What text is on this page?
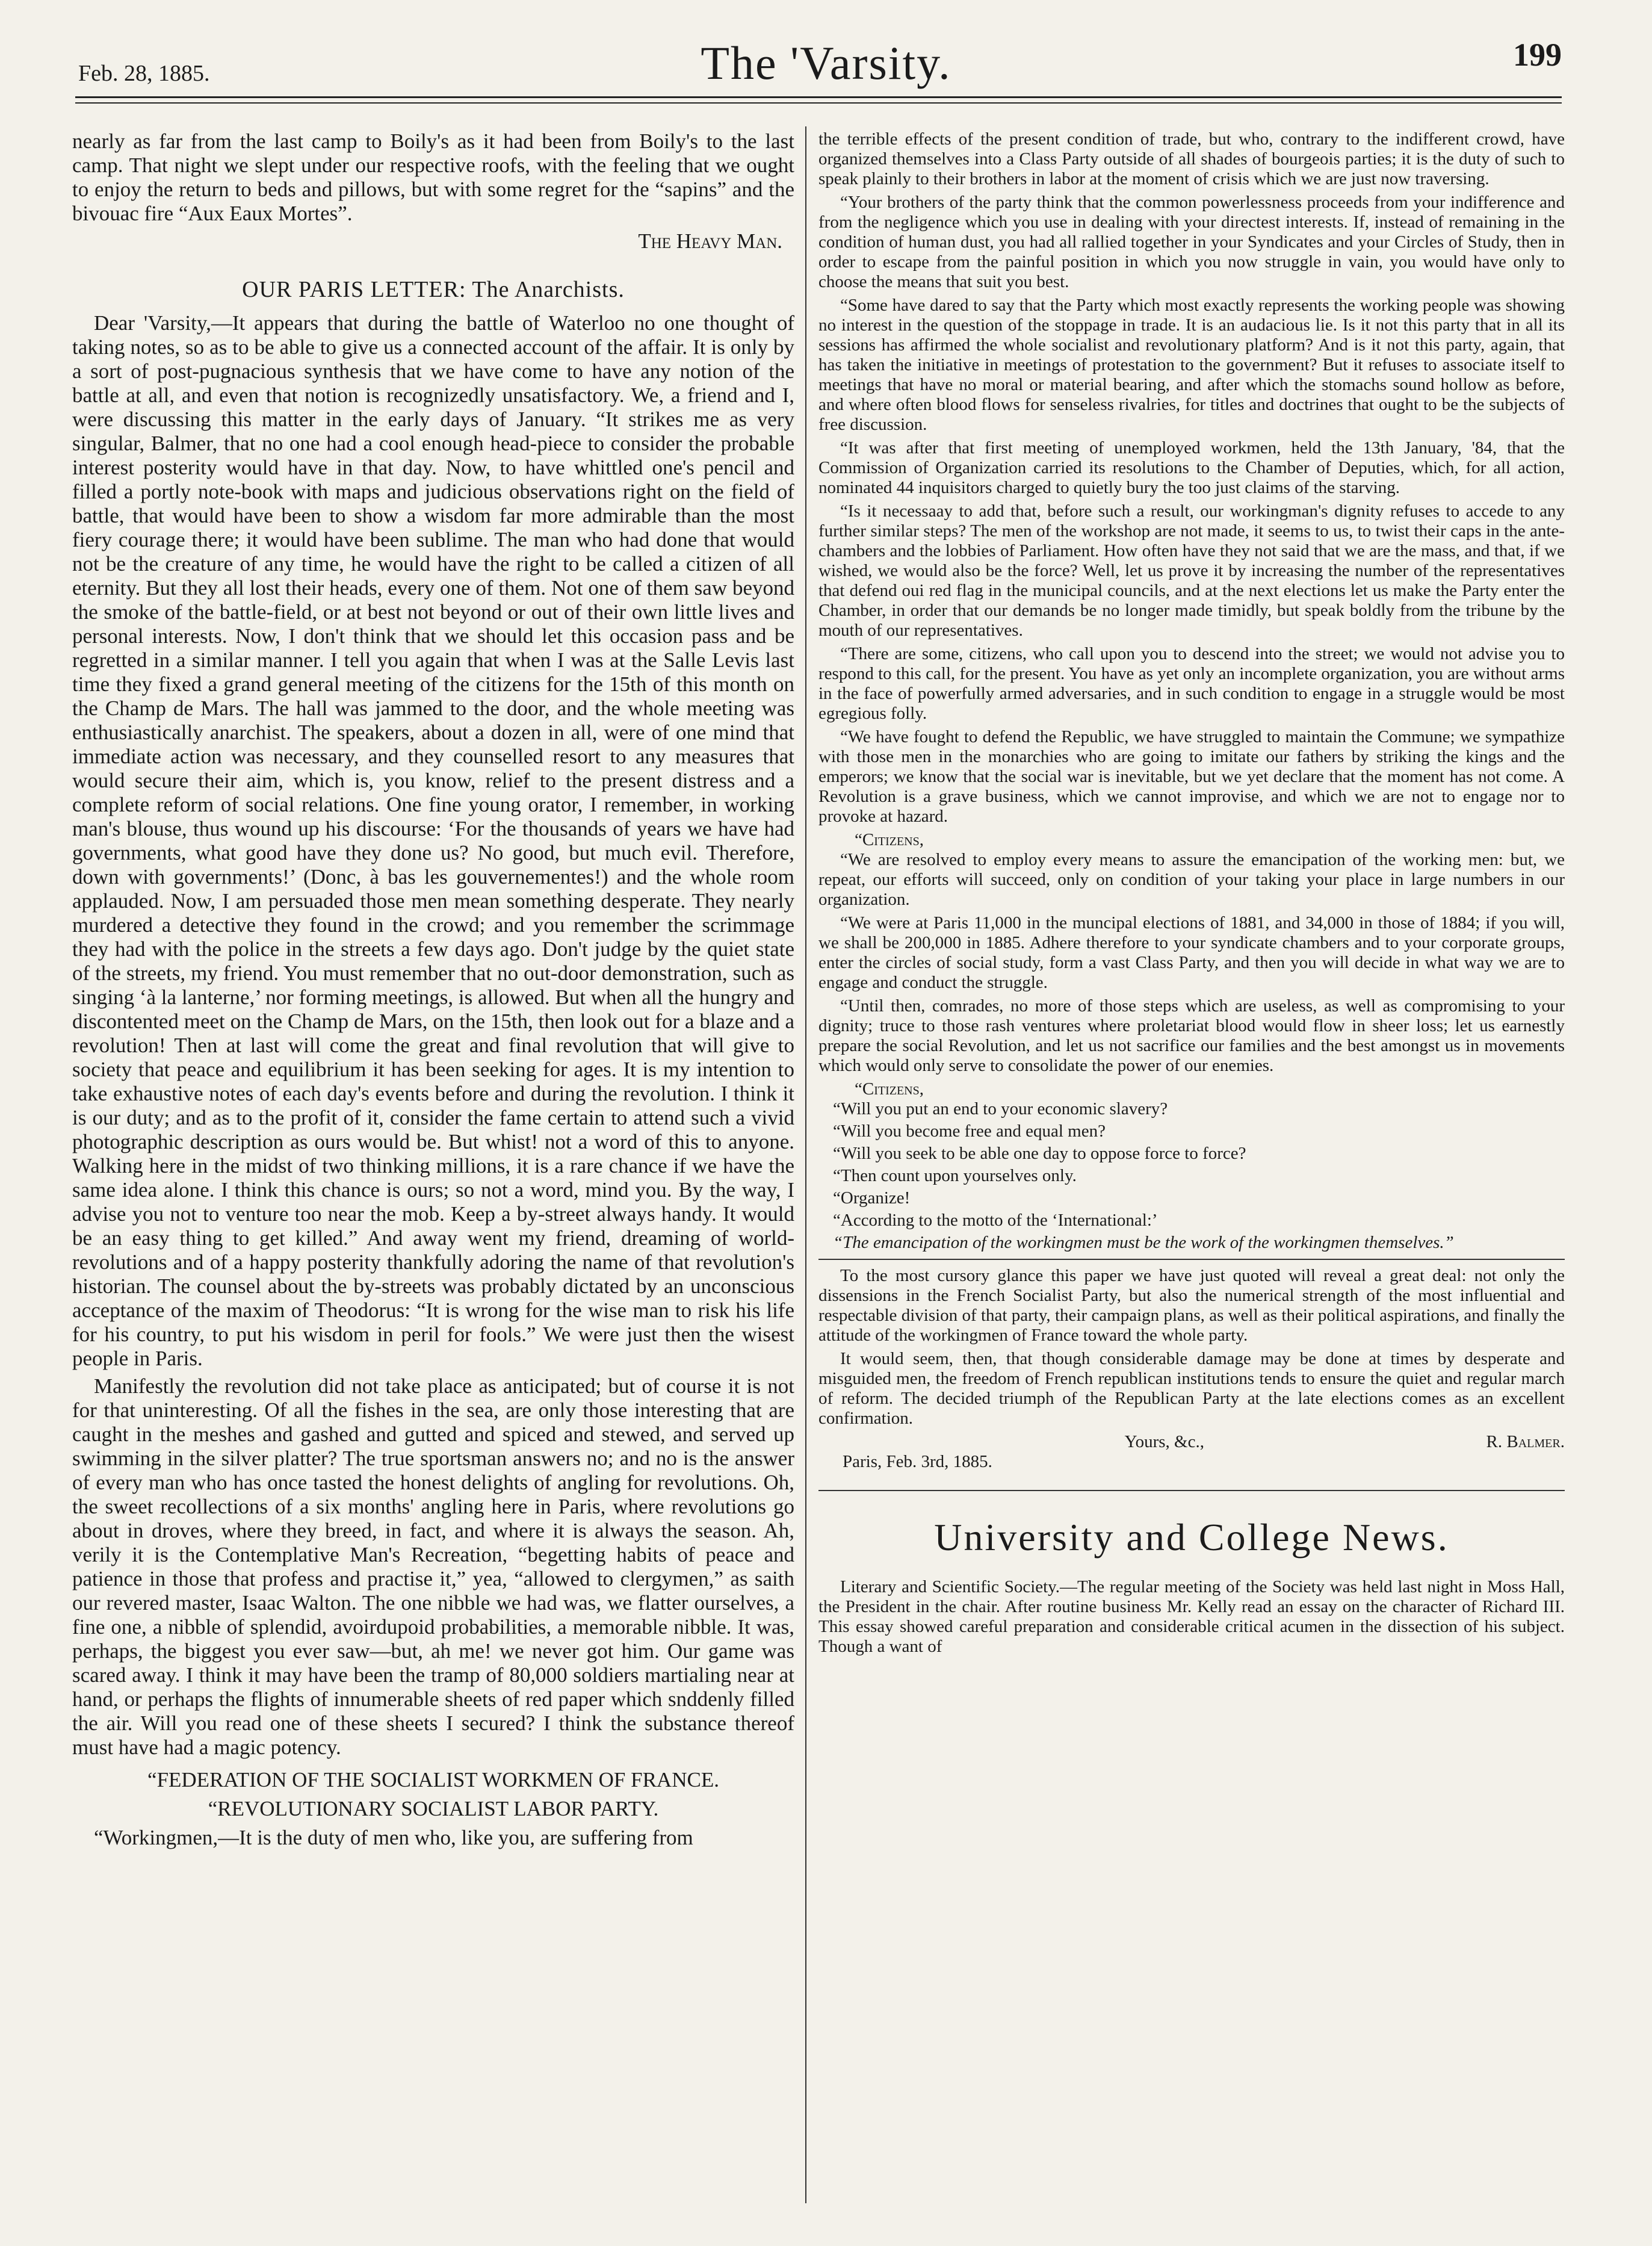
Feb. 28, 1885.	The 'Varsity.	199

nearly as far from the last camp to Boily's as it had been from Boily's to the last camp. That night we slept under our respective roofs, with the feeling that we ought to enjoy the return to beds and pillows, but with some regret for the “sapins” and the bivouac fire “Aux Eaux Mortes”.

The Heavy Man.
OUR PARIS LETTER: The Anarchists.

Dear 'Varsity,—It appears that during the battle of Waterloo no one thought of taking notes, so as to be able to give us a connected account of the affair. It is only by a sort of post-pugnacious synthesis that we have come to have any notion of the battle at all, and even that notion is recognizedly unsatisfactory. We, a friend and I, were discussing this matter in the early days of January. “It strikes me as very singular, Balmer, that no one had a cool enough head-piece to consider the probable interest posterity would have in that day. Now, to have whittled one's pencil and filled a portly note-book with maps and judicious observations right on the field of battle, that would have been to show a wisdom far more admirable than the most fiery courage there; it would have been sublime. The man who had done that would not be the creature of any time, he would have the right to be called a citizen of all eternity. But they all lost their heads, every one of them. Not one of them saw beyond the smoke of the battle-field, or at best not beyond or out of their own little lives and personal interests. Now, I don't think that we should let this occasion pass and be regretted in a similar manner. I tell you again that when I was at the Salle Levis last time they fixed a grand general meeting of the citizens for the 15th of this month on the Champ de Mars. The hall was jammed to the door, and the whole meeting was enthusiastically anarchist. The speakers, about a dozen in all, were of one mind that immediate action was necessary, and they counselled resort to any measures that would secure their aim, which is, you know, relief to the present distress and a complete reform of social relations. One fine young orator, I remember, in working man's blouse, thus wound up his discourse: ‘For the thousands of years we have had governments, what good have they done us? No good, but much evil. Therefore, down with governments!’ (Donc, à bas les gouvernementes!) and the whole room applauded. Now, I am persuaded those men mean something desperate. They nearly murdered a detective they found in the crowd; and you remember the scrimmage they had with the police in the streets a few days ago. Don't judge by the quiet state of the streets, my friend. You must remember that no out-door demonstration, such as singing ‘à la lanterne,’ nor forming meetings, is allowed. But when all the hungry and discontented meet on the Champ de Mars, on the 15th, then look out for a blaze and a revolution! Then at last will come the great and final revolution that will give to society that peace and equilibrium it has been seeking for ages. It is my intention to take exhaustive notes of each day's events before and during the revolution. I think it is our duty; and as to the profit of it, consider the fame certain to attend such a vivid photographic description as ours would be. But whist! not a word of this to anyone. Walking here in the midst of two thinking millions, it is a rare chance if we have the same idea alone. I think this chance is ours; so not a word, mind you. By the way, I advise you not to venture too near the mob. Keep a by-street always handy. It would be an easy thing to get killed.” And away went my friend, dreaming of world-revolutions and of a happy posterity thankfully adoring the name of that revolution's historian. The counsel about the by-streets was probably dictated by an unconscious acceptance of the maxim of Theodorus: “It is wrong for the wise man to risk his life for his country, to put his wisdom in peril for fools.” We were just then the wisest people in Paris.

Manifestly the revolution did not take place as anticipated; but of course it is not for that uninteresting. Of all the fishes in the sea, are only those interesting that are caught in the meshes and gashed and gutted and spiced and stewed, and served up swimming in the silver platter? The true sportsman answers no; and no is the answer of every man who has once tasted the honest delights of angling for revolutions. Oh, the sweet recollections of a six months' angling here in Paris, where revolutions go about in droves, where they breed, in fact, and where it is always the season. Ah, verily it is the Contemplative Man's Recreation, “begetting habits of peace and patience in those that profess and practise it,” yea, “allowed to clergymen,” as saith our revered master, Isaac Walton. The one nibble we had was, we flatter ourselves, a fine one, a nibble of splendid, avoirdupoid probabilities, a memorable nibble. It was, perhaps, the biggest you ever saw—but, ah me! we never got him. Our game was scared away. I think it may have been the tramp of 80,000 soldiers martialing near at hand, or perhaps the flights of innumerable sheets of red paper which snddenly filled the air. Will you read one of these sheets I secured? I think the substance thereof must have had a magic potency.

“FEDERATION OF THE SOCIALIST WORKMEN OF FRANCE.
“REVOLUTIONARY SOCIALIST LABOR PARTY.

“Workingmen,—It is the duty of men who, like you, are suffering from

the terrible effects of the present condition of trade, but who, contrary to the indifferent crowd, have organized themselves into a Class Party outside of all shades of bourgeois parties; it is the duty of such to speak plainly to their brothers in labor at the moment of crisis which we are just now traversing.

“Your brothers of the party think that the common powerlessness proceeds from your indifference and from the negligence which you use in dealing with your directest interests. If, instead of remaining in the condition of human dust, you had all rallied together in your Syndicates and your Circles of Study, then in order to escape from the painful position in which you now struggle in vain, you would have only to choose the means that suit you best.

“Some have dared to say that the Party which most exactly represents the working people was showing no interest in the question of the stoppage in trade. It is an audacious lie. Is it not this party that in all its sessions has affirmed the whole socialist and revolutionary platform? And is it not this party, again, that has taken the initiative in meetings of protestation to the government? But it refuses to associate itself to meetings that have no moral or material bearing, and after which the stomachs sound hollow as before, and where often blood flows for senseless rivalries, for titles and doctrines that ought to be the subjects of free discussion.

“It was after that first meeting of unemployed workmen, held the 13th January, '84, that the Commission of Organization carried its resolutions to the Chamber of Deputies, which, for all action, nominated 44 inquisitors charged to quietly bury the too just claims of the starving.

“Is it necessaay to add that, before such a result, our workingman's dignity refuses to accede to any further similar steps? The men of the workshop are not made, it seems to us, to twist their caps in the ante-chambers and the lobbies of Parliament. How often have they not said that we are the mass, and that, if we wished, we would also be the force? Well, let us prove it by increasing the number of the representatives that defend oui red flag in the municipal councils, and at the next elections let us make the Party enter the Chamber, in order that our demands be no longer made timidly, but speak boldly from the tribune by the mouth of our representatives.

“There are some, citizens, who call upon you to descend into the street; we would not advise you to respond to this call, for the present. You have as yet only an incomplete organization, you are without arms in the face of powerfully armed adversaries, and in such condition to engage in a struggle would be most egregious folly.

“We have fought to defend the Republic, we have struggled to maintain the Commune; we sympathize with those men in the monarchies who are going to imitate our fathers by striking the kings and the emperors; we know that the social war is inevitable, but we yet declare that the moment has not come. A Revolution is a grave business, which we cannot improvise, and which we are not to engage nor to provoke at hazard.

“Citizens,

“We are resolved to employ every means to assure the emancipation of the working men: but, we repeat, our efforts will succeed, only on condition of your taking your place in large numbers in our organization.

“We were at Paris 11,000 in the muncipal elections of 1881, and 34,000 in those of 1884; if you will, we shall be 200,000 in 1885. Adhere therefore to your syndicate chambers and to your corporate groups, enter the circles of social study, form a vast Class Party, and then you will decide in what way we are to engage and conduct the struggle.

“Until then, comrades, no more of those steps which are useless, as well as compromising to your dignity; truce to those rash ventures where proletariat blood would flow in sheer loss; let us earnestly prepare the social Revolution, and let us not sacrifice our families and the best amongst us in movements which would only serve to consolidate the power of our enemies.

“Citizens,

“Will you put an end to your economic slavery?

“Will you become free and equal men?

“Will you seek to be able one day to oppose force to force?

“Then count upon yourselves only.

“Organize!

“According to the motto of the ‘International:’

“The emancipation of the workingmen must be the work of the workingmen themselves.”

To the most cursory glance this paper we have just quoted will reveal a great deal: not only the dissensions in the French Socialist Party, but also the numerical strength of the most influential and respectable division of that party, their campaign plans, as well as their political aspirations, and finally the attitude of the workingmen of France toward the whole party.

It would seem, then, that though considerable damage may be done at times by desperate and misguided men, the freedom of French republican institutions tends to ensure the quiet and regular march of reform. The decided triumph of the Republican Party at the late elections comes as an excellent confirmation.

Yours, &c.,	R. Balmer.
Paris, Feb. 3rd, 1885.
University and College News.

Literary and Scientific Society.—The regular meeting of the Society was held last night in Moss Hall, the President in the chair. After routine business Mr. Kelly read an essay on the character of Richard III. This essay showed careful preparation and considerable critical acumen in the dissection of his subject. Though a want of
